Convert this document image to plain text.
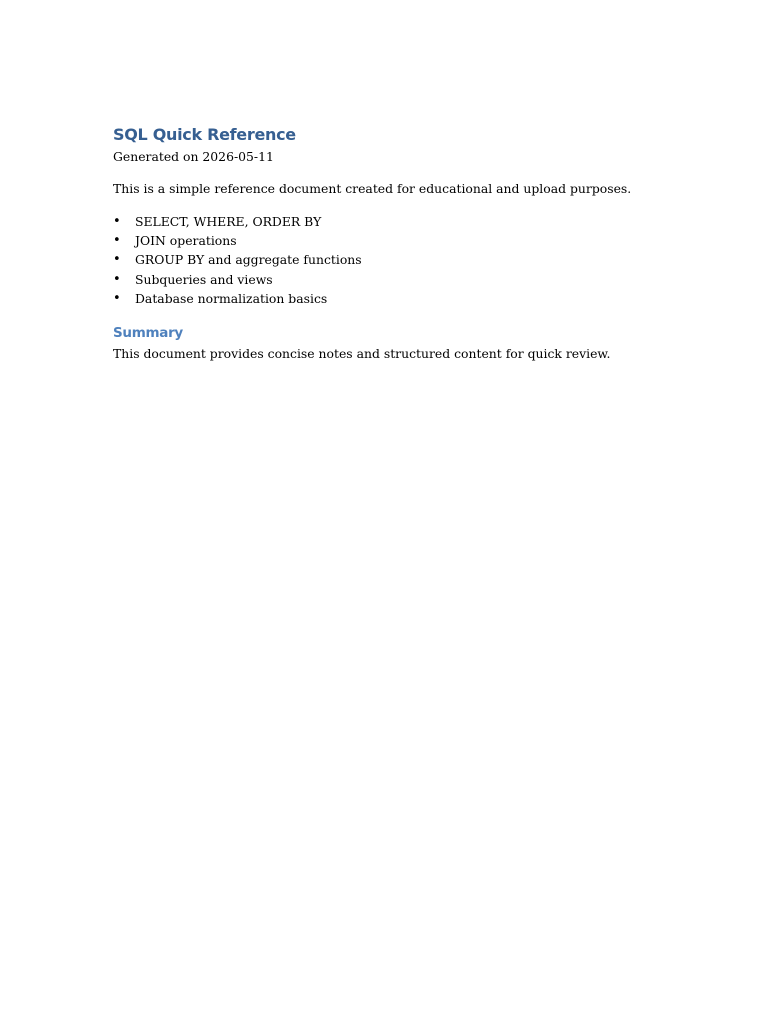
SQL Quick Reference

Generated on 2026-05-11

This is a simple reference document created for educational and upload purposes.

• SELECT, WHERE, ORDER BY
• JOIN operations
• GROUP BY and aggregate functions
• Subqueries and views
• Database normalization basics
Summary

This document provides concise notes and structured content for quick review.
